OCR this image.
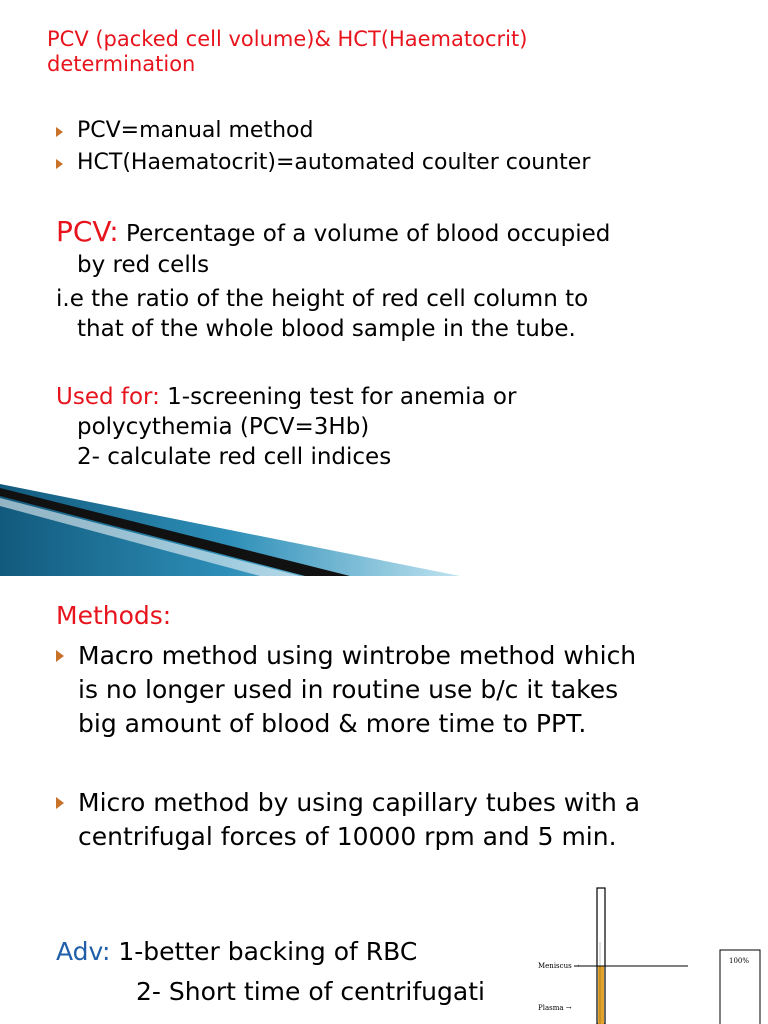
PCV (packed cell volume)& HCT(Haematocrit)
determination
PCV=manual method
HCT(Haematocrit)=automated coulter counter
PCV: Percentage of a volume of blood occupied
by red cells
i.e the ratio of the height of red cell column to
that of the whole blood sample in the tube.
Used for: 1-screening test for anemia or
polycythemia (PCV=3Hb)
2- calculate red cell indices
Methods:
Macro method using wintrobe method which
is no longer used in routine use b/c it takes
big amount of blood & more time to PPT.
Micro method by using capillary tubes with a
centrifugal forces of 10000 rpm and 5 min.
Adv: 1-better backing of RBC
2- Short time of centrifugati
Meniscus →
Plasma →
100%
